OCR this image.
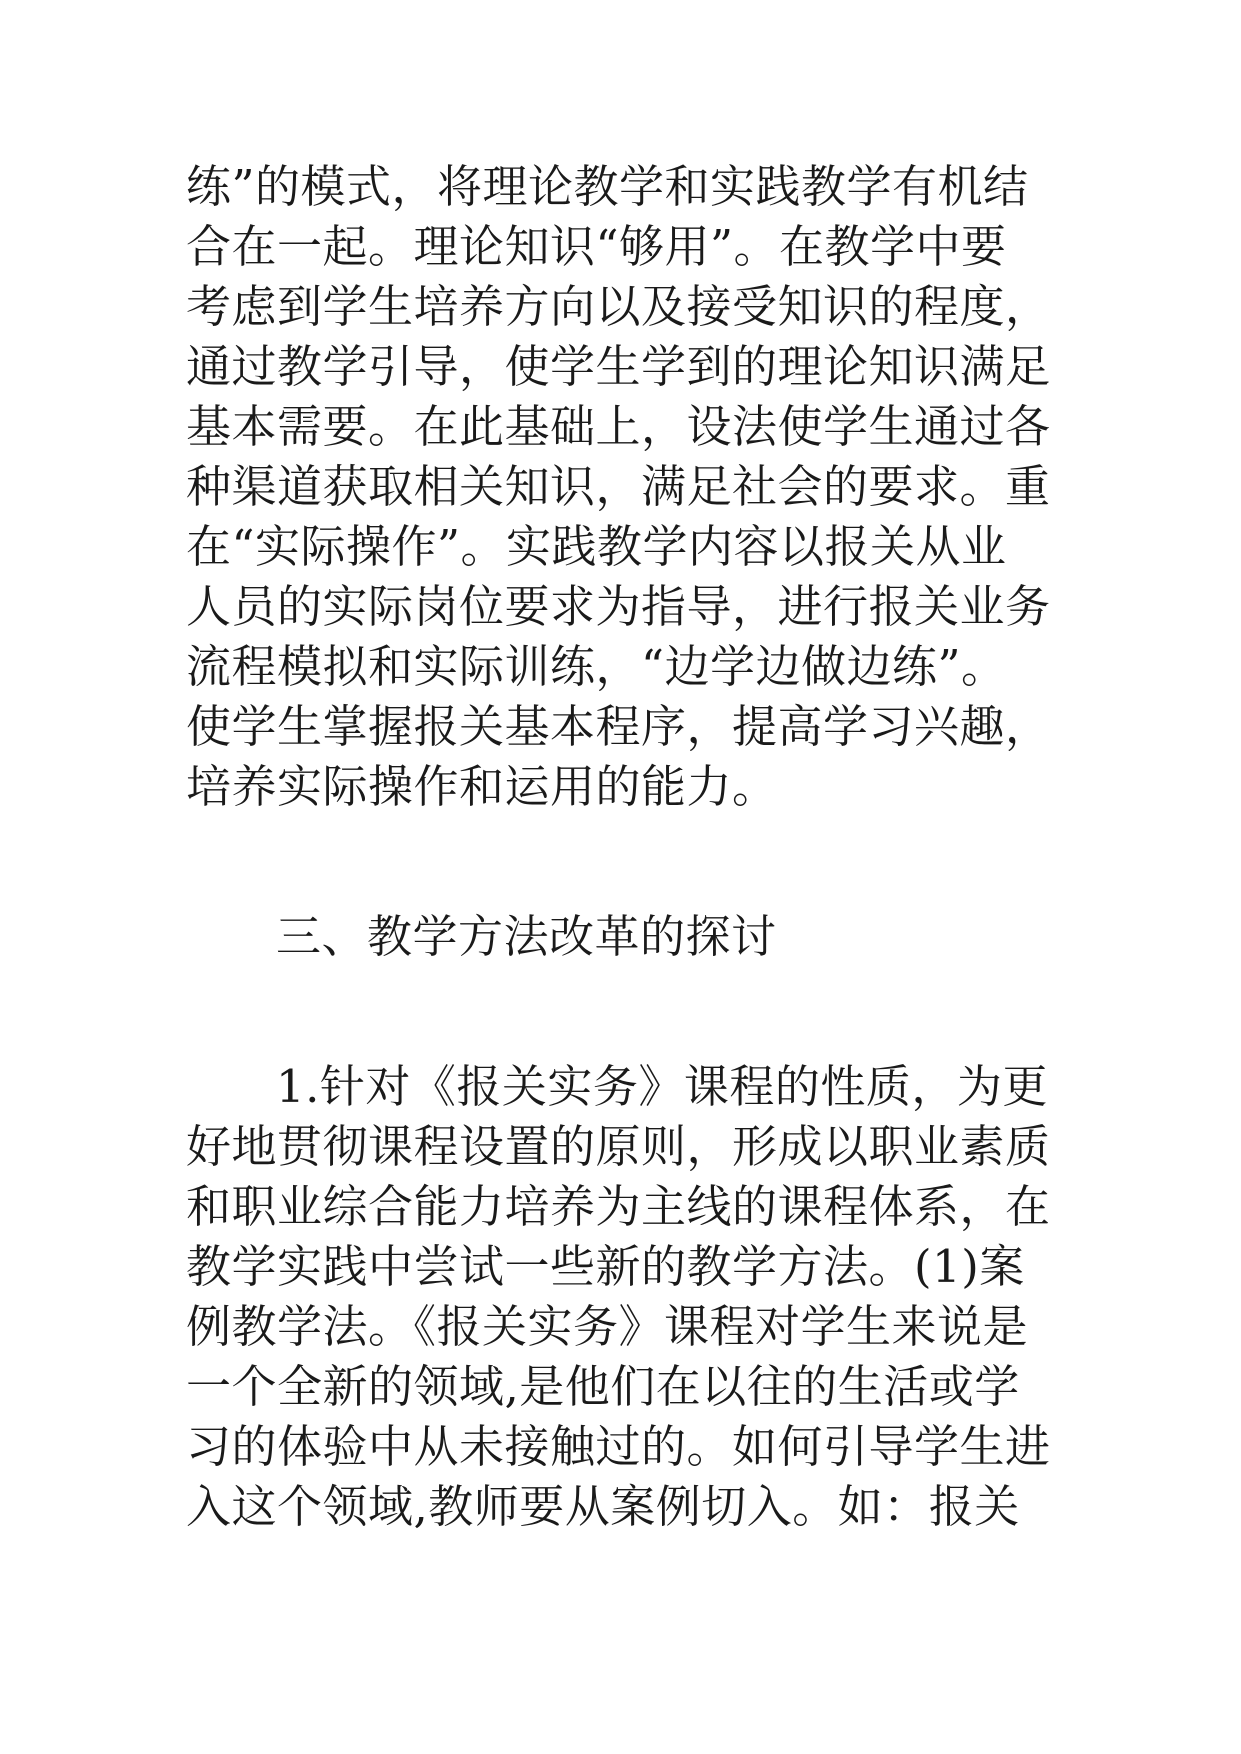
练”的模式，将理论教学和实践教学有机结

合在一起。理论知识“够用”。在教学中要

考虑到学生培养方向以及接受知识的程度，

通过教学引导，使学生学到的理论知识满足

基本需要。在此基础上，设法使学生通过各

种渠道获取相关知识，满足社会的要求。重

在“实际操作”。实践教学内容以报关从业

人员的实际岗位要求为指导，进行报关业务

流程模拟和实际训练，“边学边做边练”。

使学生掌握报关基本程序，提高学习兴趣，

培养实际操作和运用的能力。

三、教学方法改革的探讨

1.针对《报关实务》课程的性质，为更

好地贯彻课程设置的原则，形成以职业素质

和职业综合能力培养为主线的课程体系，在

教学实践中尝试一些新的教学方法。(1)案

例教学法。《报关实务》课程对学生来说是

一个全新的领域,是他们在以往的生活或学

习的体验中从未接触过的。如何引导学生进

入这个领域,教师要从案例切入。如：报关
